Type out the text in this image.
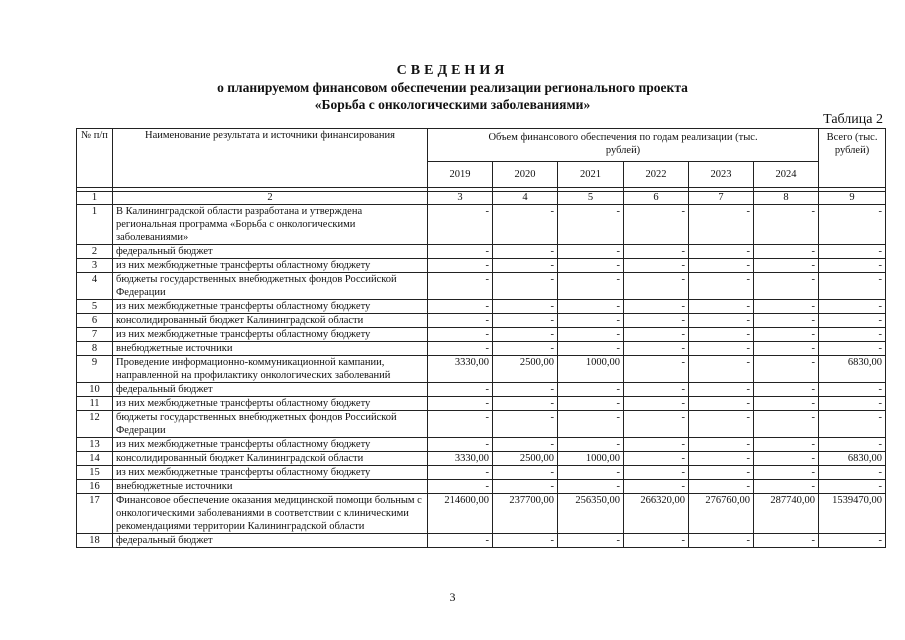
СВЕДЕНИЯ
о планируемом финансовом обеспечении реализации регионального проекта
«Борьба с онкологическими заболеваниями»
Таблица 2
№ п/п	Наименование результата и источники финансирования	Объем финансового обеспечения по годам реализации (тыс. рублей)						Всего (тыс. рублей)
		2019	2020	2021	2022	2023	2024	

1	2	3	4	5	6	7	8	9
1	В Калининградской области разработана и утверждена региональная программа «Борьба с онкологическими заболеваниями»	-	-	-	-	-	-	-
2	федеральный бюджет	-	-	-	-	-	-	-
3	из них межбюджетные трансферты областному бюджету	-	-	-	-	-	-	-
4	бюджеты государственных внебюджетных фондов Российской Федерации	-	-	-	-	-	-	-
5	из них межбюджетные трансферты областному бюджету	-	-	-	-	-	-	-
6	консолидированный бюджет Калининградской области	-	-	-	-	-	-	-
7	из них межбюджетные трансферты областному бюджету	-	-	-	-	-	-	-
8	внебюджетные источники	-	-	-	-	-	-	-
9	Проведение информационно-коммуникационной кампании, направленной на профилактику онкологических заболеваний	3330,00	2500,00	1000,00	-	-	-	6830,00
10	федеральный бюджет	-	-	-	-	-	-	-
11	из них межбюджетные трансферты областному бюджету	-	-	-	-	-	-	-
12	бюджеты государственных внебюджетных фондов Российской Федерации	-	-	-	-	-	-	-
13	из них межбюджетные трансферты областному бюджету	-	-	-	-	-	-	-
14	консолидированный бюджет Калининградской области	3330,00	2500,00	1000,00	-	-	-	6830,00
15	из них межбюджетные трансферты областному бюджету	-	-	-	-	-	-	-
16	внебюджетные источники	-	-	-	-	-	-	-
17	Финансовое обеспечение оказания медицинской помощи больным с онкологическими заболеваниями в соответствии с клиническими рекомендациями территории Калининградской области	214600,00	237700,00	256350,00	266320,00	276760,00	287740,00	1539470,00
18	федеральный бюджет	-	-	-	-	-	-	-
3
